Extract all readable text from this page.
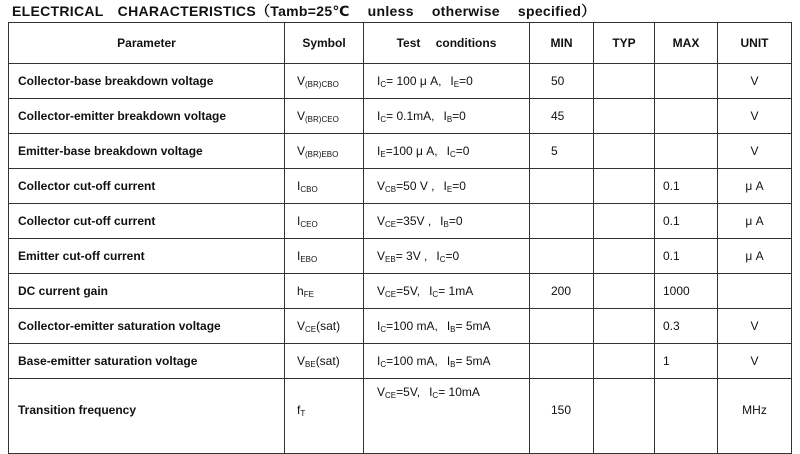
ELECTRICAL CHARACTERISTICS（Tamb=25℃ unless otherwise specified）
Parameter	Symbol	Test conditions	MIN	TYP	MAX	UNIT
Collector-base breakdown voltage	$V_{(BR)CBO}$	$I_C= 100$ μ A, $I_E=0$	50			V
Collector-emitter breakdown voltage	$V_{(BR)CEO}$	$I_C= 0.1mA$, $I_B=0$	45			V
Emitter-base breakdown voltage	$V_{(BR)EBO}$	$I_E=100$ μ A, $I_C=0$	5			V
Collector cut-off current	$I_{CBO}$	$V_{CB}=50$ V , $I_E=0$			0.1	μ A
Collector cut-off current	$I_{CEO}$	$V_{CE}=35V$ , $I_B=0$			0.1	μ A
Emitter cut-off current	$I_{EBO}$	$V_{EB}= 3V$ , $I_C=0$			0.1	μ A
DC current gain	$h_{FE}$	$V_{CE}=5V$, $I_C= 1mA$	200		1000	
Collector-emitter saturation voltage	$V_{CE}(sat)$	$I_C=100$ mA, $I_B= 5mA$			0.3	V
Base-emitter saturation voltage	$V_{BE}(sat)$	$I_C=100$ mA, $I_B= 5mA$			1	V
Transition frequency	$f_T$	$V_{CE}=5V$, $I_C= 10mA$	150			MHz
